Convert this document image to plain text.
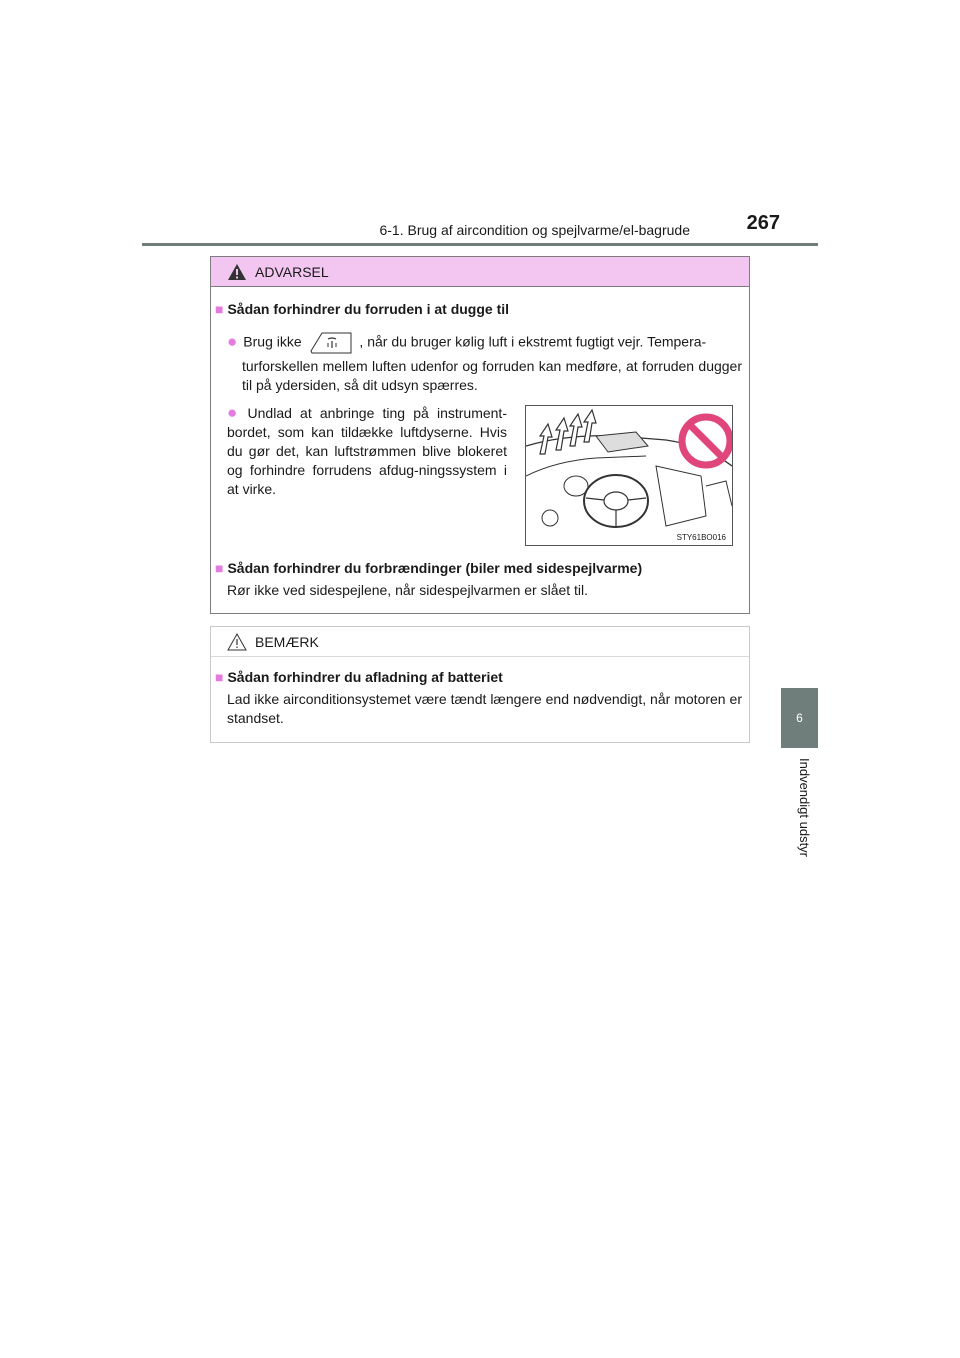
6-1. Brug af aircondition og spejlvarme/el-bagrude	267
6
Indvendigt udstyr
ADVARSEL
■ Sådan forhindrer du forruden i at dugge til
● Brug ikke	, når du bruger kølig luft i ekstremt fugtigt vejr. Tempera-
turforskellen mellem luften udenfor og forruden kan medføre, at forruden dugger til på ydersiden, så dit udsyn spærres.
● Undlad at anbringe ting på instrument-bordet, som kan tildække luftdyserne. Hvis du gør det, kan luftstrømmen blive blokeret og forhindre forrudens afdug-ningssystem i at virke.
STY61BO016
■ Sådan forhindrer du forbrændinger (biler med sidespejlvarme)
Rør ikke ved sidespejlene, når sidespejlvarmen er slået til.
BEMÆRK
■ Sådan forhindrer du afladning af batteriet
Lad ikke airconditionsystemet være tændt længere end nødvendigt, når motoren er standset.
